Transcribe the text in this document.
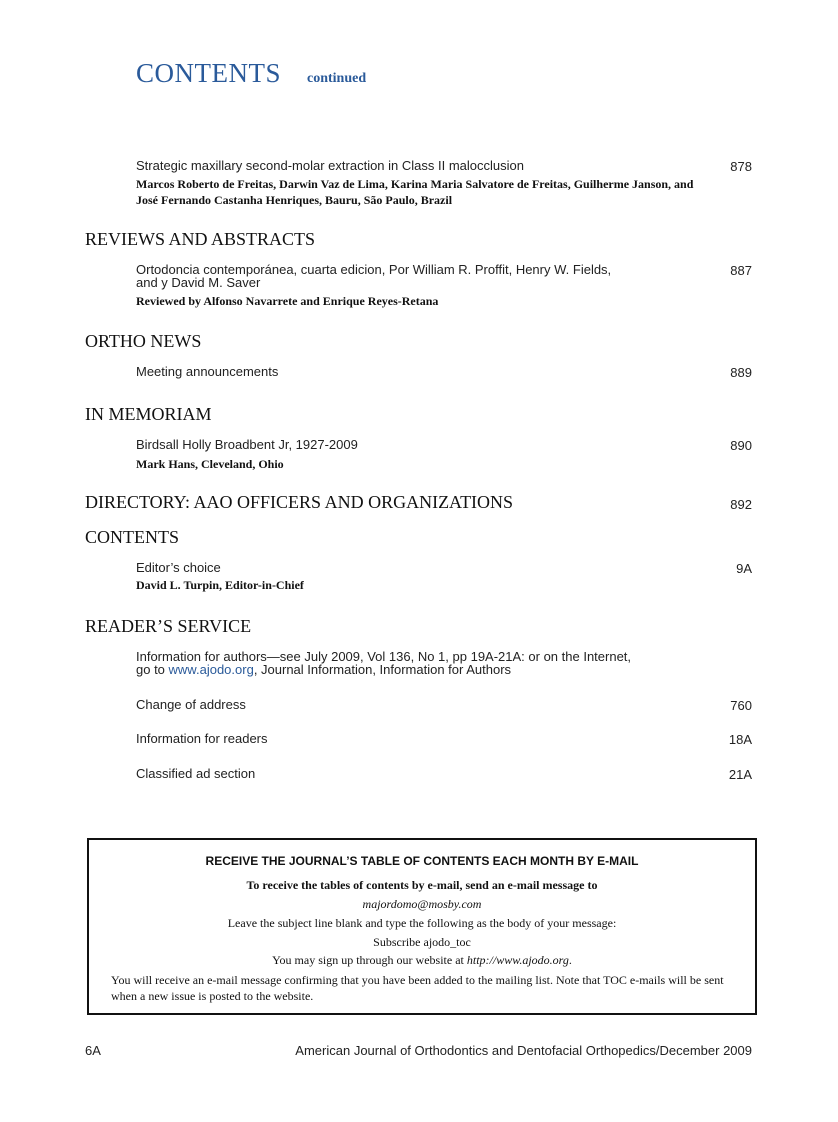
CONTENTS continued
Strategic maxillary second-molar extraction in Class II malocclusion	878
Marcos Roberto de Freitas, Darwin Vaz de Lima, Karina Maria Salvatore de Freitas, Guilherme Janson, and
José Fernando Castanha Henriques, Bauru, São Paulo, Brazil
REVIEWS AND ABSTRACTS
Ortodoncia contemporánea, cuarta edicion, Por William R. Proffit, Henry W. Fields,	887
and y David M. Saver
Reviewed by Alfonso Navarrete and Enrique Reyes-Retana
ORTHO NEWS
Meeting announcements	889
IN MEMORIAM
Birdsall Holly Broadbent Jr, 1927-2009	890
Mark Hans, Cleveland, Ohio
DIRECTORY: AAO OFFICERS AND ORGANIZATIONS	892
CONTENTS
Editor’s choice	9A
David L. Turpin, Editor-in-Chief
READER’S SERVICE
Information for authors—see July 2009, Vol 136, No 1, pp 19A-21A: or on the Internet,
go to www.ajodo.org, Journal Information, Information for Authors
Change of address	760
Information for readers	18A
Classified ad section	21A
RECEIVE THE JOURNAL’S TABLE OF CONTENTS EACH MONTH BY E-MAIL
To receive the tables of contents by e-mail, send an e-mail message to
majordomo@mosby.com
Leave the subject line blank and type the following as the body of your message:
Subscribe ajodo_toc
You may sign up through our website at http://www.ajodo.org.
You will receive an e-mail message confirming that you have been added to the mailing list. Note that TOC e-mails will be sent when a new issue is posted to the website.
6A	American Journal of Orthodontics and Dentofacial Orthopedics/December 2009
